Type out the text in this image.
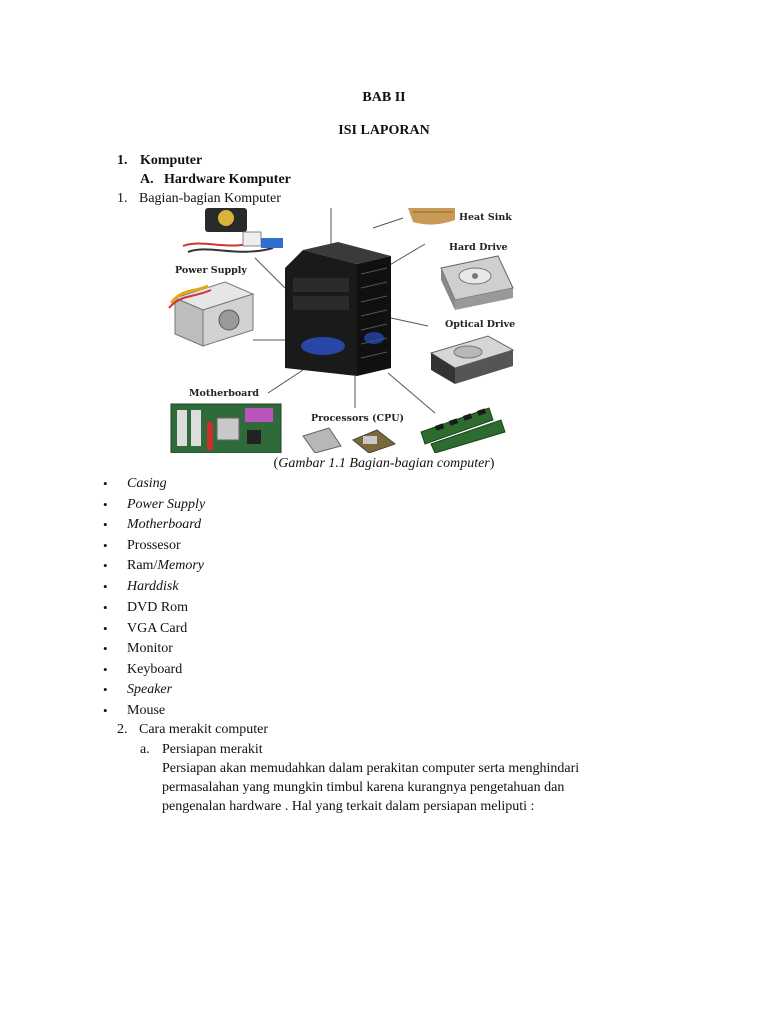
BAB II
ISI LAPORAN
1. Komputer
A. Hardware Komputer
1. Bagian-bagian Komputer
Heat Sink
Hard Drive
Power Supply
Optical Drive
Motherboard
Processors (CPU)
(Gambar 1.1 Bagian-bagian computer)
• Casing
• Power Supply
• Motherboard
• Prossesor
• Ram/Memory
• Harddisk
• DVD Rom
• VGA Card
• Monitor
• Keyboard
• Speaker
• Mouse
2. Cara merakit computer
a. Persiapan merakit
Persiapan akan memudahkan dalam perakitan computer serta menghindari
permasalahan yang mungkin timbul karena kurangnya pengetahuan dan
pengenalan hardware . Hal yang terkait dalam persiapan meliputi :
